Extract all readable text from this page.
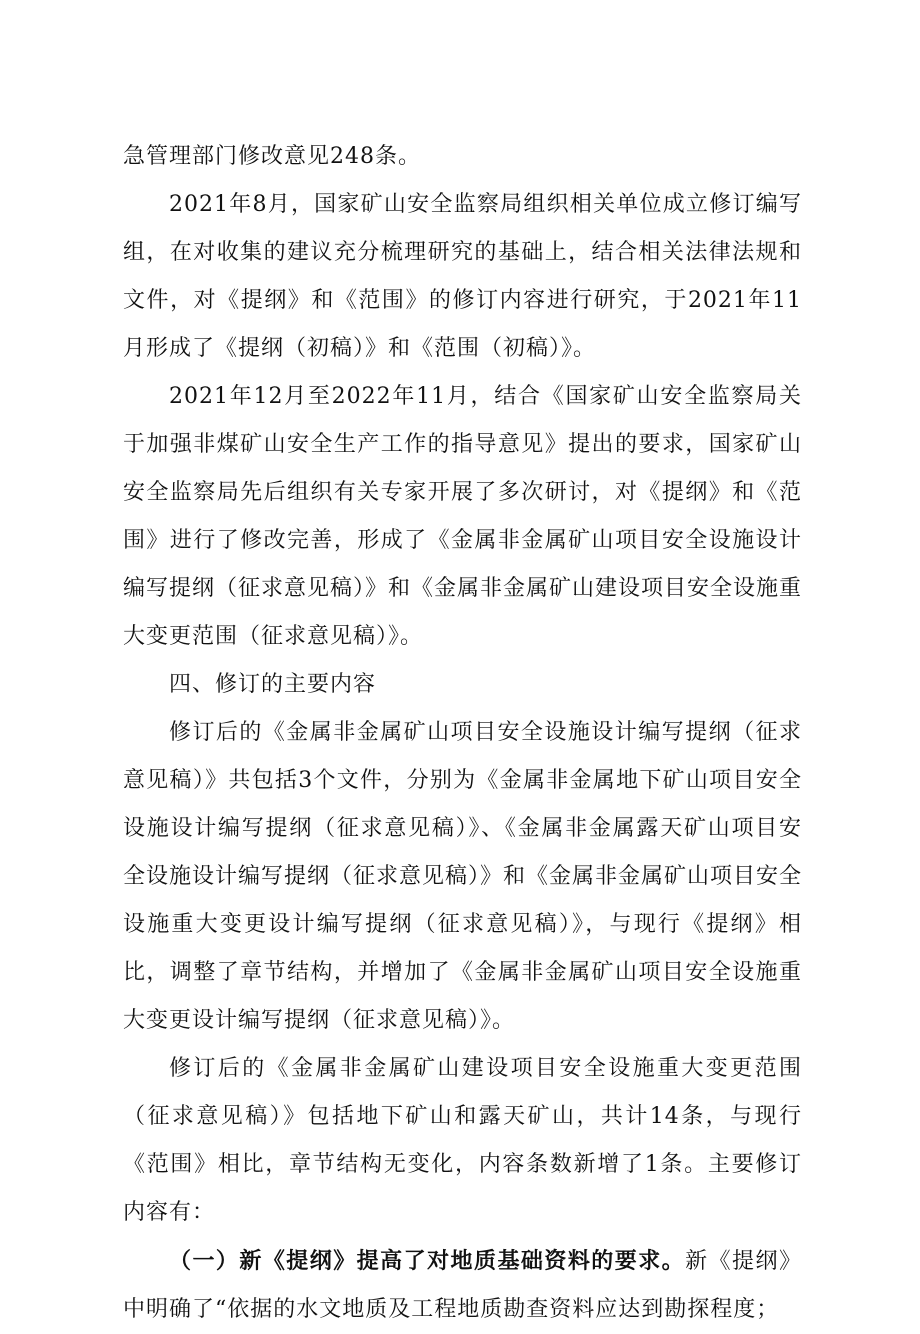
急管理部门修改意见248条。

2021年8月，国家矿山安全监察局组织相关单位成立修订编写组，在对收集的建议充分梳理研究的基础上，结合相关法律法规和文件，对《提纲》和《范围》的修订内容进行研究，于2021年11月形成了《提纲（初稿）》和《范围（初稿）》。

2021年12月至2022年11月，结合《国家矿山安全监察局关于加强非煤矿山安全生产工作的指导意见》提出的要求，国家矿山安全监察局先后组织有关专家开展了多次研讨，对《提纲》和《范围》进行了修改完善，形成了《金属非金属矿山项目安全设施设计编写提纲（征求意见稿）》和《金属非金属矿山建设项目安全设施重大变更范围（征求意见稿）》。

四、修订的主要内容

修订后的《金属非金属矿山项目安全设施设计编写提纲（征求意见稿）》共包括3个文件，分别为《金属非金属地下矿山项目安全设施设计编写提纲（征求意见稿）》、《金属非金属露天矿山项目安全设施设计编写提纲（征求意见稿）》和《金属非金属矿山项目安全设施重大变更设计编写提纲（征求意见稿）》，与现行《提纲》相比，调整了章节结构，并增加了《金属非金属矿山项目安全设施重大变更设计编写提纲（征求意见稿）》。

修订后的《金属非金属矿山建设项目安全设施重大变更范围（征求意见稿）》包括地下矿山和露天矿山，共计14条，与现行《范围》相比，章节结构无变化，内容条数新增了1条。主要修订内容有：

（一）新《提纲》提高了对地质基础资料的要求。新《提纲》中明确了“依据的水文地质及工程地质勘查资料应达到勘探程度；
